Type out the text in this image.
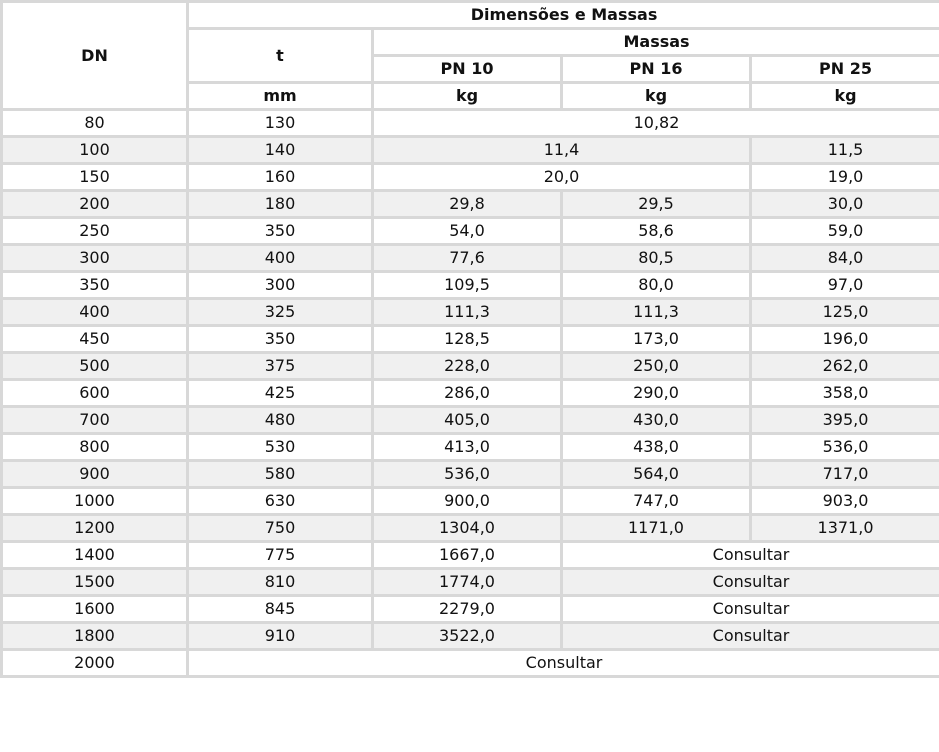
DN	Dimensões e Massas			
	t	Massas		
		PN 10	PN 16	PN 25
	mm	kg	kg	kg
80	130	10,82		
100	140	11,4		11,5
150	160	20,0		19,0
200	180	29,8	29,5	30,0
250	350	54,0	58,6	59,0
300	400	77,6	80,5	84,0
350	300	109,5	80,0	97,0
400	325	111,3	111,3	125,0
450	350	128,5	173,0	196,0
500	375	228,0	250,0	262,0
600	425	286,0	290,0	358,0
700	480	405,0	430,0	395,0
800	530	413,0	438,0	536,0
900	580	536,0	564,0	717,0
1000	630	900,0	747,0	903,0
1200	750	1304,0	1171,0	1371,0
1400	775	1667,0	Consultar	
1500	810	1774,0	Consultar	
1600	845	2279,0	Consultar	
1800	910	3522,0	Consultar	
2000	Consultar			
